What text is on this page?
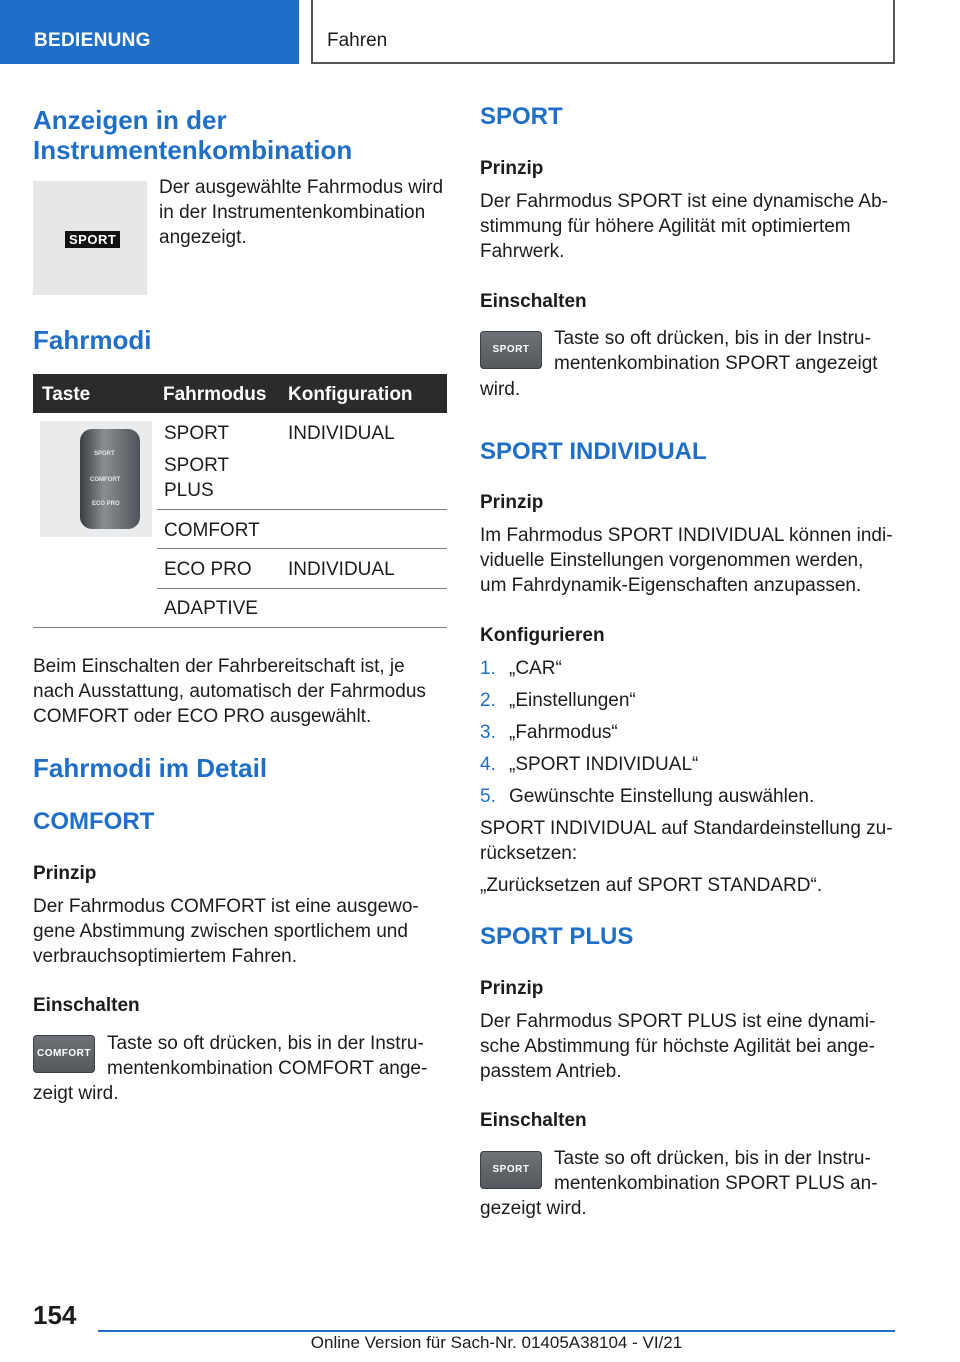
BEDIENUNG	Fahren
Anzeigen in der
Instrumentenkombination
SPORT

Der ausgewählte Fahrmodus wird
in der Instrumentenkombination
angezeigt.

Fahrmodi
Taste	Fahrmodus Konfiguration
SPORT
COMFORT
ECO PRO
SPORT
SPORT
PLUS
INDIVIDUAL
COMFORT
ECO PRO INDIVIDUAL
ADAPTIVE

Beim Einschalten der Fahrbereitschaft ist, je
nach Ausstattung, automatisch der Fahrmodus
COMFORT oder ECO PRO ausgewählt.

Fahrmodi im Detail
COMFORT
Prinzip

Der Fahrmodus COMFORT ist eine ausgewo-
gene Abstimmung zwischen sportlichem und
verbrauchsoptimiertem Fahren.

Einschalten
COMFORT Taste so oft drücken, bis in der Instru-
mentenkombination COMFORT ange-
zeigt wird.
SPORT
Prinzip

Der Fahrmodus SPORT ist eine dynamische Ab-
stimmung für höhere Agilität mit optimiertem
Fahrwerk.

Einschalten
SPORT
Taste so oft drücken, bis in der Instru-
mentenkombination SPORT angezeigt
wird.
SPORT INDIVIDUAL
Prinzip

Im Fahrmodus SPORT INDIVIDUAL können indi-
viduelle Einstellungen vorgenommen werden,
um Fahrdynamik-Eigenschaften anzupassen.

Konfigurieren
1. „CAR“
2. „Einstellungen“
3. „Fahrmodus“
4. „SPORT INDIVIDUAL“
5. Gewünschte Einstellung auswählen.

SPORT INDIVIDUAL auf Standardeinstellung zu-
rücksetzen:

„Zurücksetzen auf SPORT STANDARD“.
SPORT PLUS
Prinzip

Der Fahrmodus SPORT PLUS ist eine dynami-
sche Abstimmung für höchste Agilität bei ange-
passtem Antrieb.

Einschalten
SPORT
Taste so oft drücken, bis in der Instru-
mentenkombination SPORT PLUS an-
gezeigt wird.
154
Online Version für Sach-Nr. 01405A38104 - VI/21
